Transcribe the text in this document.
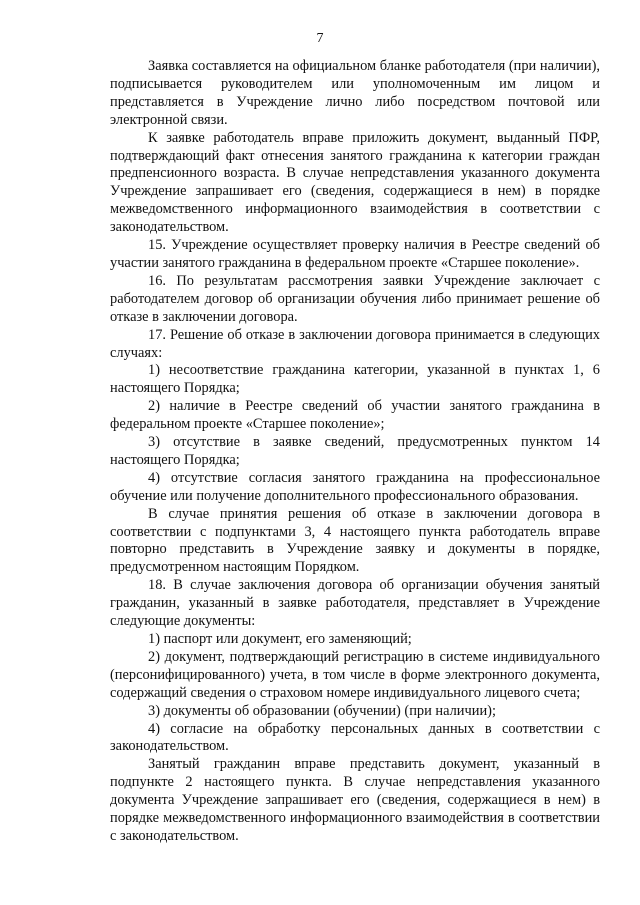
7

Заявка составляется на официальном бланке работодателя (при наличии), подписывается руководителем или уполномоченным им лицом и представляется в Учреждение лично либо посредством почтовой или электронной связи.

К заявке работодатель вправе приложить документ, выданный ПФР, подтверждающий факт отнесения занятого гражданина к категории граждан предпенсионного возраста. В случае непредставления указанного документа Учреждение запрашивает его (сведения, содержащиеся в нем) в порядке межведомственного информационного взаимодействия в соответствии с законодательством.

15. Учреждение осуществляет проверку наличия в Реестре сведений об участии занятого гражданина в федеральном проекте «Старшее поколение».

16. По результатам рассмотрения заявки Учреждение заключает с работодателем договор об организации обучения либо принимает решение об отказе в заключении договора.

17. Решение об отказе в заключении договора принимается в следующих случаях:

1) несоответствие гражданина категории, указанной в пунктах 1, 6 настоящего Порядка;

2) наличие в Реестре сведений об участии занятого гражданина в федеральном проекте «Старшее поколение»;

3) отсутствие в заявке сведений, предусмотренных пунктом 14 настоящего Порядка;

4) отсутствие согласия занятого гражданина на профессиональное обучение или получение дополнительного профессионального образования.

В случае принятия решения об отказе в заключении договора в соответствии с подпунктами 3, 4 настоящего пункта работодатель вправе повторно представить в Учреждение заявку и документы в порядке, предусмотренном настоящим Порядком.

18. В случае заключения договора об организации обучения занятый гражданин, указанный в заявке работодателя, представляет в Учреждение следующие документы:

1) паспорт или документ, его заменяющий;

2) документ, подтверждающий регистрацию в системе индивидуального (персонифицированного) учета, в том числе в форме электронного документа, содержащий сведения о страховом номере индивидуального лицевого счета;

3) документы об образовании (обучении) (при наличии);

4) согласие на обработку персональных данных в соответствии с законодательством.

Занятый гражданин вправе представить документ, указанный в подпункте 2 настоящего пункта. В случае непредставления указанного документа Учреждение запрашивает его (сведения, содержащиеся в нем) в порядке межведомственного информационного взаимодействия в соответствии с законодательством.
